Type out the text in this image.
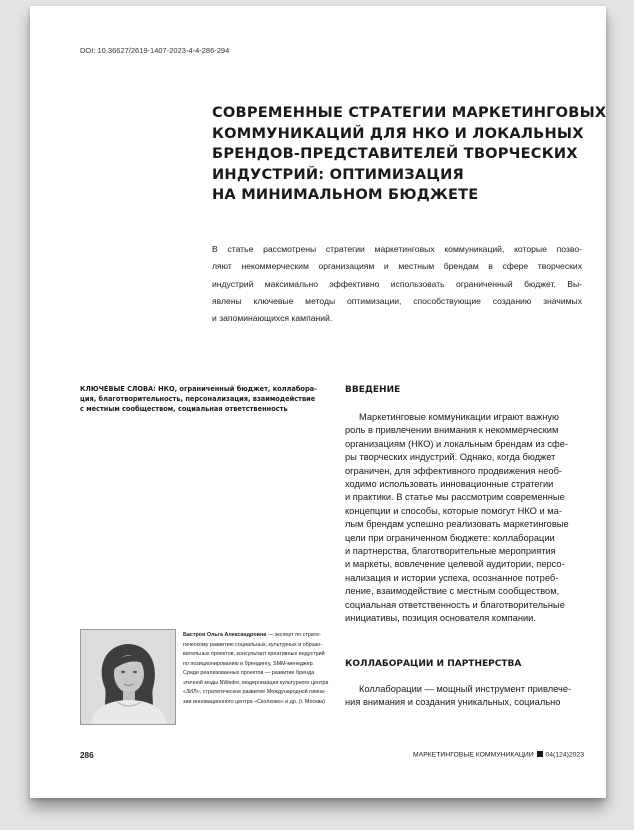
DOI: 10.36627/2619-1407-2023-4-4-286-294
СОВРЕМЕННЫЕ СТРАТЕГИИ МАРКЕТИНГОВЫХ
КОММУНИКАЦИЙ ДЛЯ НКО И ЛОКАЛЬНЫХ
БРЕНДОВ-ПРЕДСТАВИТЕЛЕЙ ТВОРЧЕСКИХ
ИНДУСТРИЙ: ОПТИМИЗАЦИЯ
НА МИНИМАЛЬНОМ БЮДЖЕТЕ
В статье рассмотрены стратегии маркетинговых коммуникаций, которые позво-
ляют некоммерческим организациям и местным брендам в сфере творческих
индустрий максимально эффективно использовать ограниченный бюджет. Вы-
явлены ключевые методы оптимизации, способствующие созданию значимых
и запоминающихся кампаний.
КЛЮЧЕВЫЕ СЛОВА: НКО, ограниченный бюджет, коллабора-
ция, благотворительность, персонализация, взаимодействие
с местным сообществом, социальная ответственность
ВВЕДЕНИЕ
Маркетинговые коммуникации играют важную
роль в привлечении внимания к некоммерческим
организациям (НКО) и локальным брендам из сфе-
ры творческих индустрий. Однако, когда бюджет
ограничен, для эффективного продвижения необ-
ходимо использовать инновационные стратегии
и практики. В статье мы рассмотрим современные
концепции и способы, которые помогут НКО и ма-
лым брендам успешно реализовать маркетинговые
цели при ограниченном бюджете: коллаборации
и партнерства, благотворительные мероприятия
и маркеты, вовлечение целевой аудитории, персо-
нализация и истории успеха, осознанное потреб-
ление, взаимодействие с местным сообществом,
социальная ответственность и благотворительные
инициативы, позиция основателя компании.
КОЛЛАБОРАЦИИ И ПАРТНЕРСТВА
Коллаборации — мощный инструмент привлече-
ния внимания и создания уникальных, социально
Бастрон Ольга Александровна — эксперт по страте-
гическому развитию социальных, культурных и образо-
вательных проектов, консультант креативных индустрий
по позиционированию и брендингу, SMM-менеджер.
Среди реализованных проектов — развитие бренда
этичной моды NWedre, модернизация культурного центра
«ЗИЛ», стратегическое развитие Международной гимна-
зии инновационного центра «Сколково» и др. (г. Москва)
286	МАРКЕТИНГОВЫЕ КОММУНИКАЦИИ 04(124)2023
